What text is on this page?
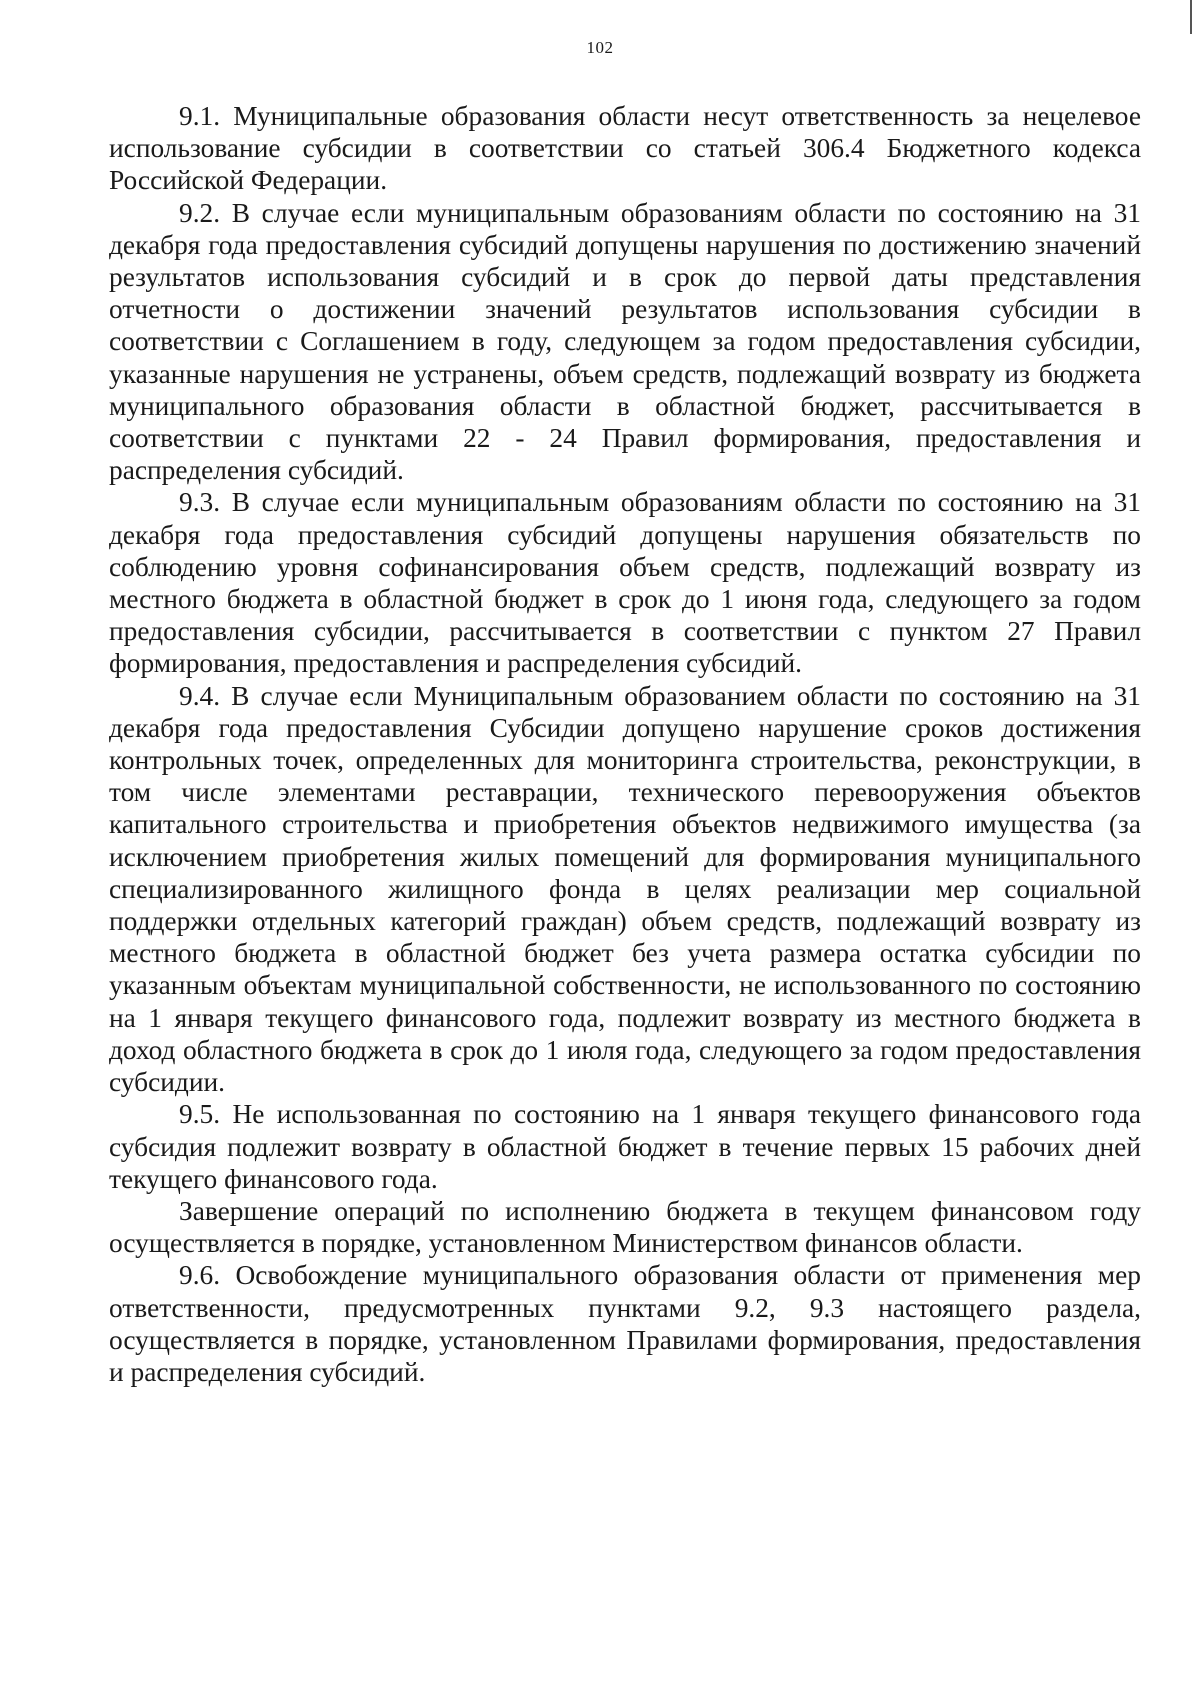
102

9.1. Муниципальные образования области несут ответственность за нецелевое использование субсидии в соответствии со статьей 306.4 Бюджетного кодекса Российской Федерации.

9.2. В случае если муниципальным образованиям области по состоянию на 31 декабря года предоставления субсидий допущены нарушения по достижению значений результатов использования субсидий и в срок до первой даты представления отчетности о достижении значений результатов использования субсидии в соответствии с Соглашением в году, следующем за годом предоставления субсидии, указанные нарушения не устранены, объем средств, подлежащий возврату из бюджета муниципального образования области в областной бюджет, рассчитывается в соответствии с пунктами 22 - 24 Правил формирования, предоставления и распределения субсидий.

9.3. В случае если муниципальным образованиям области по состоянию на 31 декабря года предоставления субсидий допущены нарушения обязательств по соблюдению уровня софинансирования объем средств, подлежащий возврату из местного бюджета в областной бюджет в срок до 1 июня года, следующего за годом предоставления субсидии, рассчитывается в соответствии с пунктом 27 Правил формирования, предоставления и распределения субсидий.

9.4. В случае если Муниципальным образованием области по состоянию на 31 декабря года предоставления Субсидии допущено нарушение сроков достижения контрольных точек, определенных для мониторинга строительства, реконструкции, в том числе элементами реставрации, технического перевооружения объектов капитального строительства и приобретения объектов недвижимого имущества (за исключением приобретения жилых помещений для формирования муниципального специализированного жилищного фонда в целях реализации мер социальной поддержки отдельных категорий граждан) объем средств, подлежащий возврату из местного бюджета в областной бюджет без учета размера остатка субсидии по указанным объектам муниципальной собственности, не использованного по состоянию на 1 января текущего финансового года, подлежит возврату из местного бюджета в доход областного бюджета в срок до 1 июля года, следующего за годом предоставления субсидии.

9.5. Не использованная по состоянию на 1 января текущего финансового года субсидия подлежит возврату в областной бюджет в течение первых 15 рабочих дней текущего финансового года.

Завершение операций по исполнению бюджета в текущем финансовом году осуществляется в порядке, установленном Министерством финансов области.

9.6. Освобождение муниципального образования области от применения мер ответственности, предусмотренных пунктами 9.2, 9.3 настоящего раздела, осуществляется в порядке, установленном Правилами формирования, предоставления и распределения субсидий.
